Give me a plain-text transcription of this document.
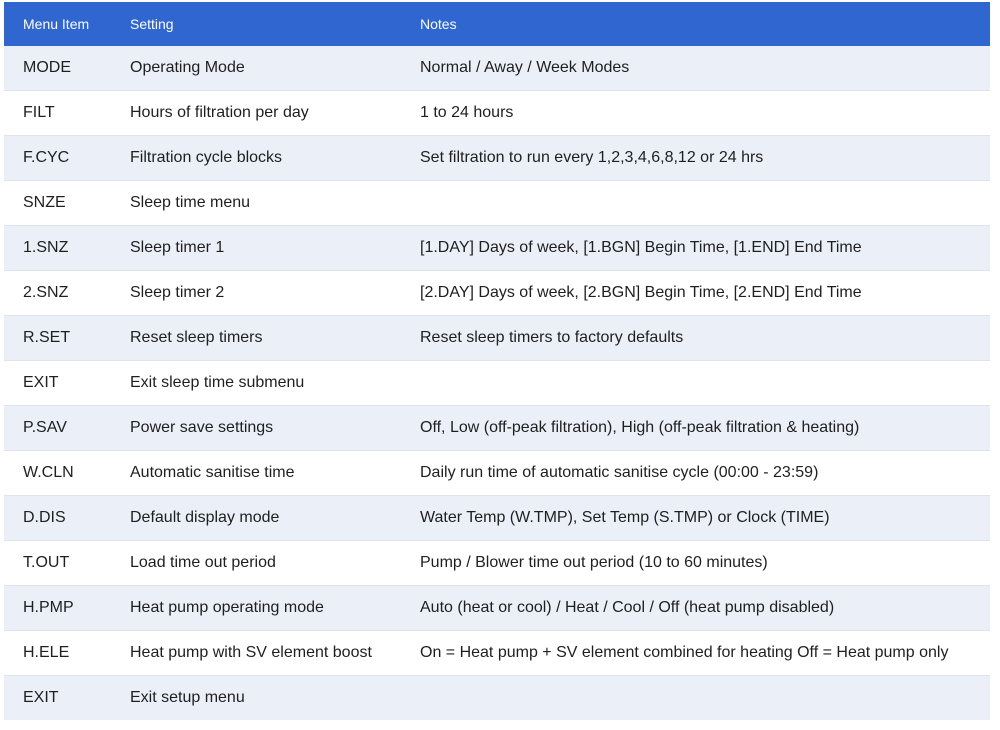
Menu Item	Setting	Notes
MODE	Operating Mode	Normal / Away / Week Modes
FILT	Hours of filtration per day	1 to 24 hours
F.CYC	Filtration cycle blocks	Set filtration to run every 1,2,3,4,6,8,12 or 24 hrs
SNZE	Sleep time menu	
1.SNZ	Sleep timer 1	[1.DAY] Days of week, [1.BGN] Begin Time, [1.END] End Time
2.SNZ	Sleep timer 2	[2.DAY] Days of week, [2.BGN] Begin Time, [2.END] End Time
R.SET	Reset sleep timers	Reset sleep timers to factory defaults
EXIT	Exit sleep time submenu	
P.SAV	Power save settings	Off, Low (off-peak filtration), High (off-peak filtration & heating)
W.CLN	Automatic sanitise time	Daily run time of automatic sanitise cycle (00:00 - 23:59)
D.DIS	Default display mode	Water Temp (W.TMP), Set Temp (S.TMP) or Clock (TIME)
T.OUT	Load time out period	Pump / Blower time out period (10 to 60 minutes)
H.PMP	Heat pump operating mode	Auto (heat or cool) / Heat / Cool / Off (heat pump disabled)
H.ELE	Heat pump with SV element boost	On = Heat pump + SV element combined for heating Off = Heat pump only
EXIT	Exit setup menu	
